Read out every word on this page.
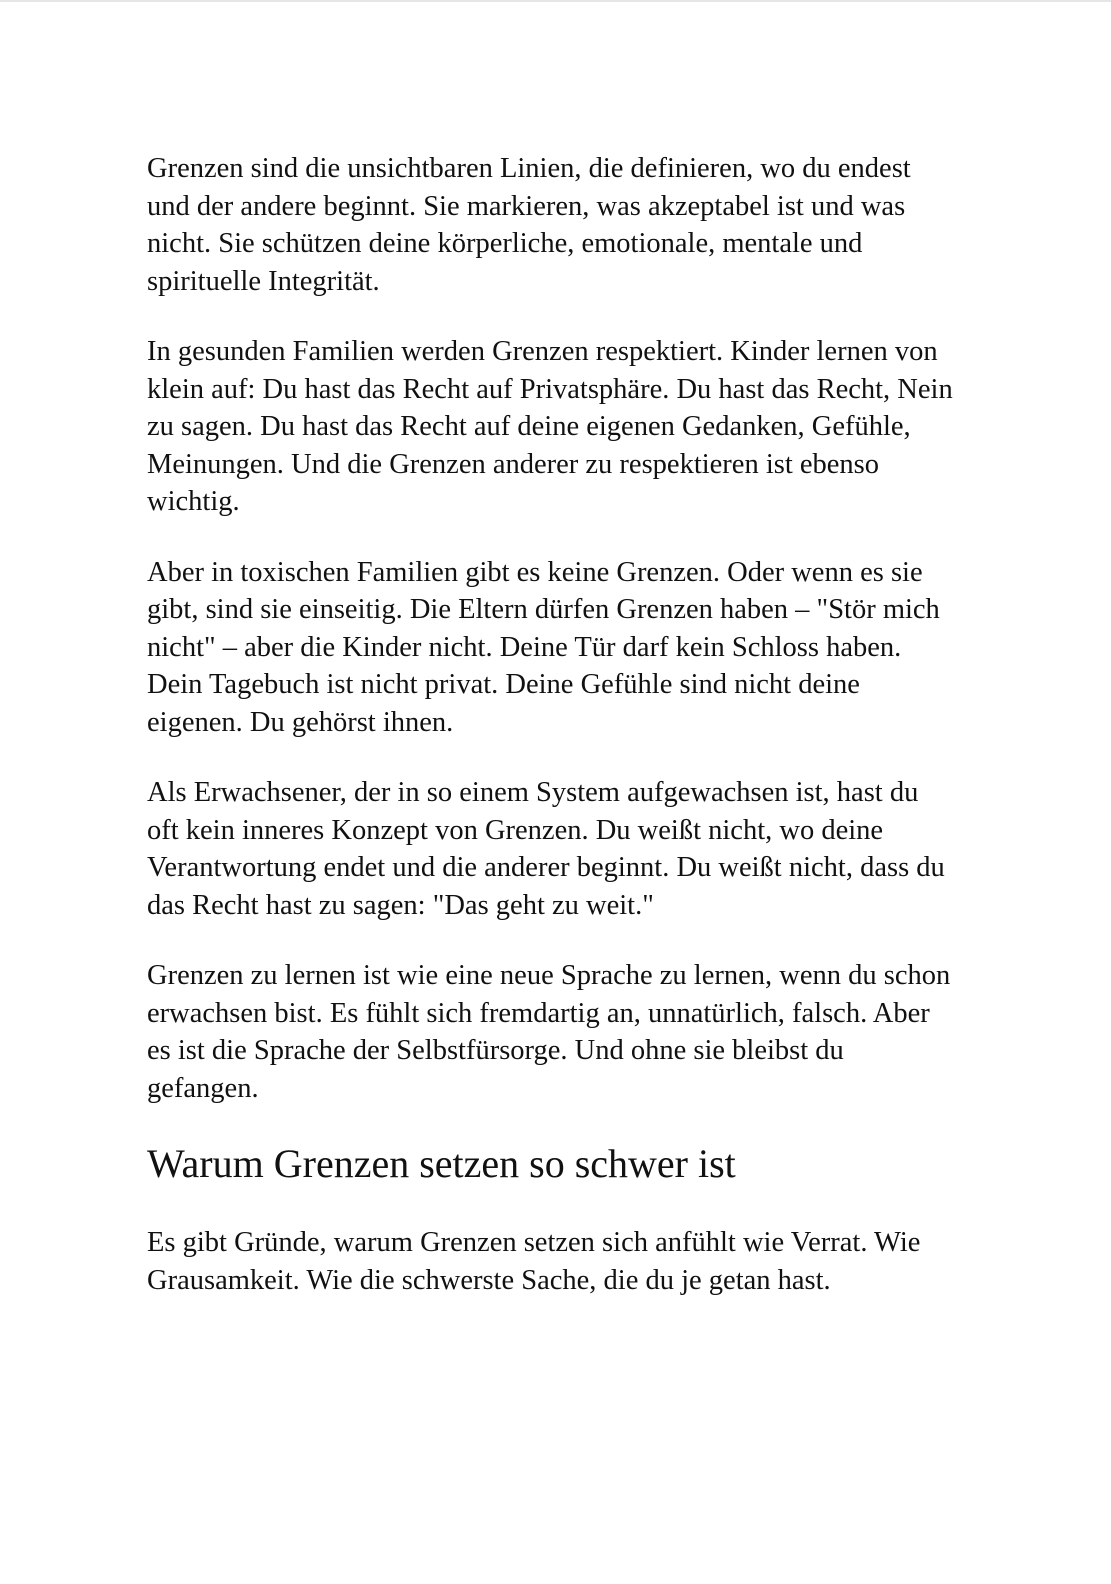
Grenzen sind die unsichtbaren Linien, die definieren, wo du endest und der andere beginnt. Sie markieren, was akzeptabel ist und was nicht. Sie schützen deine körperliche, emotionale, mentale und spirituelle Integrität.

In gesunden Familien werden Grenzen respektiert. Kinder lernen von klein auf: Du hast das Recht auf Privatsphäre. Du hast das Recht, Nein zu sagen. Du hast das Recht auf deine eigenen Gedanken, Gefühle, Meinungen. Und die Grenzen anderer zu respektieren ist ebenso wichtig.

Aber in toxischen Familien gibt es keine Grenzen. Oder wenn es sie gibt, sind sie einseitig. Die Eltern dürfen Grenzen haben – "Stör mich nicht" – aber die Kinder nicht. Deine Tür darf kein Schloss haben. Dein Tagebuch ist nicht privat. Deine Gefühle sind nicht deine eigenen. Du gehörst ihnen.

Als Erwachsener, der in so einem System aufgewachsen ist, hast du oft kein inneres Konzept von Grenzen. Du weißt nicht, wo deine Verantwortung endet und die anderer beginnt. Du weißt nicht, dass du das Recht hast zu sagen: "Das geht zu weit."

Grenzen zu lernen ist wie eine neue Sprache zu lernen, wenn du schon erwachsen bist. Es fühlt sich fremdartig an, unnatürlich, falsch. Aber es ist die Sprache der Selbstfürsorge. Und ohne sie bleibst du gefangen.

Warum Grenzen setzen so schwer ist

Es gibt Gründe, warum Grenzen setzen sich anfühlt wie Verrat. Wie Grausamkeit. Wie die schwerste Sache, die du je getan hast.
